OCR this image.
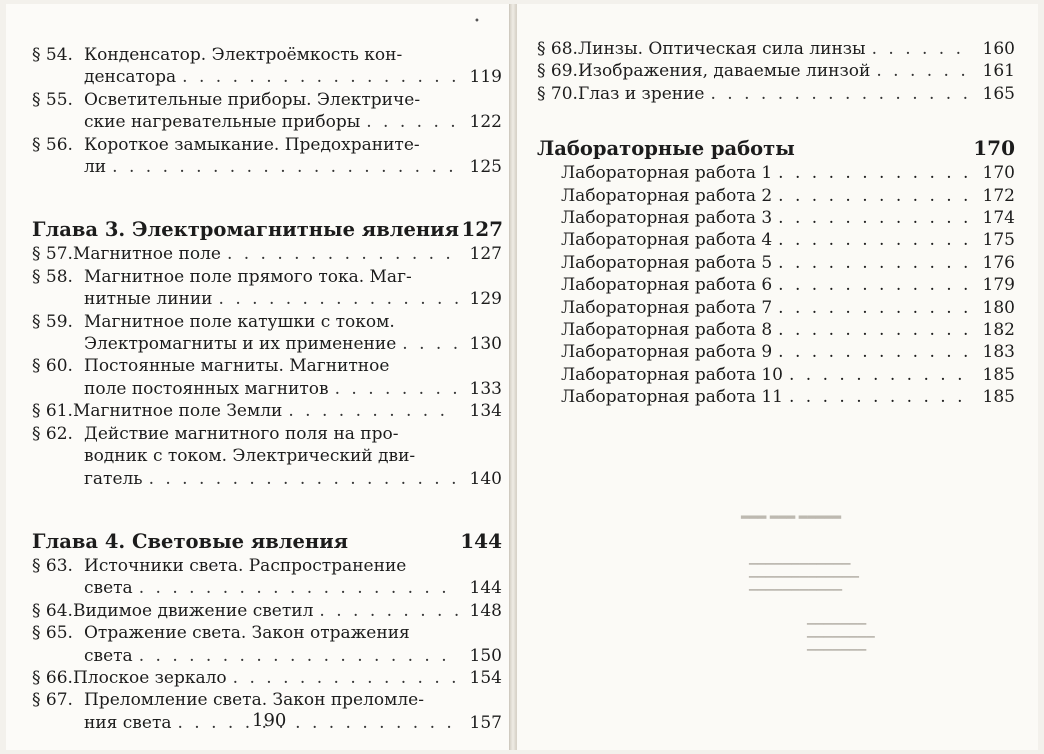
•
§ 54. Конденсатор. Электроёмкость кон-
денсатора . . .	119
§ 55. Осветительные приборы. Электриче-
ские нагревательные приборы . . .	122
§ 56. Короткое замыкание. Предохраните-
ли . . .	125
Глава 3. Электромагнитные явления 127
§ 57. Магнитное поле . . .	127
§ 58. Магнитное поле прямого тока. Маг-
нитные линии . . .	129
§ 59. Магнитное поле катушки с током.
Электромагниты и их применение . . .	130
§ 60. Постоянные магниты. Магнитное
поле постоянных магнитов . . .	133
§ 61. Магнитное поле Земли . . .	134
§ 62. Действие магнитного поля на про-
водник с током. Электрический дви-
гатель . . .	140
Глава 4. Световые явления	144
§ 63. Источники света. Распространение
света . . .	144
§ 64. Видимое движение светил . . .	148
§ 65. Отражение света. Закон отражения
света . . .	150
§ 66. Плоское зеркало . . .	154
§ 67. Преломление света. Закон преломле-
ния света . . .	157
190
§ 68. Линзы. Оптическая сила линзы . . .	160
§ 69. Изображения, даваемые линзой . . .	161
§ 70. Глаз и зрение . . .	165
Лабораторные работы	170
Лабораторная работа 1 . . .	170
Лабораторная работа 2 . . .	172
Лабораторная работа 3 . . .	174
Лабораторная работа 4 . . .	175
Лабораторная работа 5 . . .	176
Лабораторная работа 6 . . .	179
Лабораторная работа 7 . . .	180
Лабораторная работа 8 . . .	182
Лабораторная работа 9 . . .	183
Лабораторная работа 10 . . .	185
Лабораторная работа 11 . . .	185
▂▂▂ ▂▂▂ ▂▂▂▂▂
▁▁▁▁▁▁▁▁▁▁▁▁
▁▁▁▁▁▁▁▁▁▁▁▁▁
▁▁▁▁▁▁▁▁▁▁▁
▁▁▁▁▁▁▁
▁▁▁▁▁▁▁▁
▁▁▁▁▁▁▁
